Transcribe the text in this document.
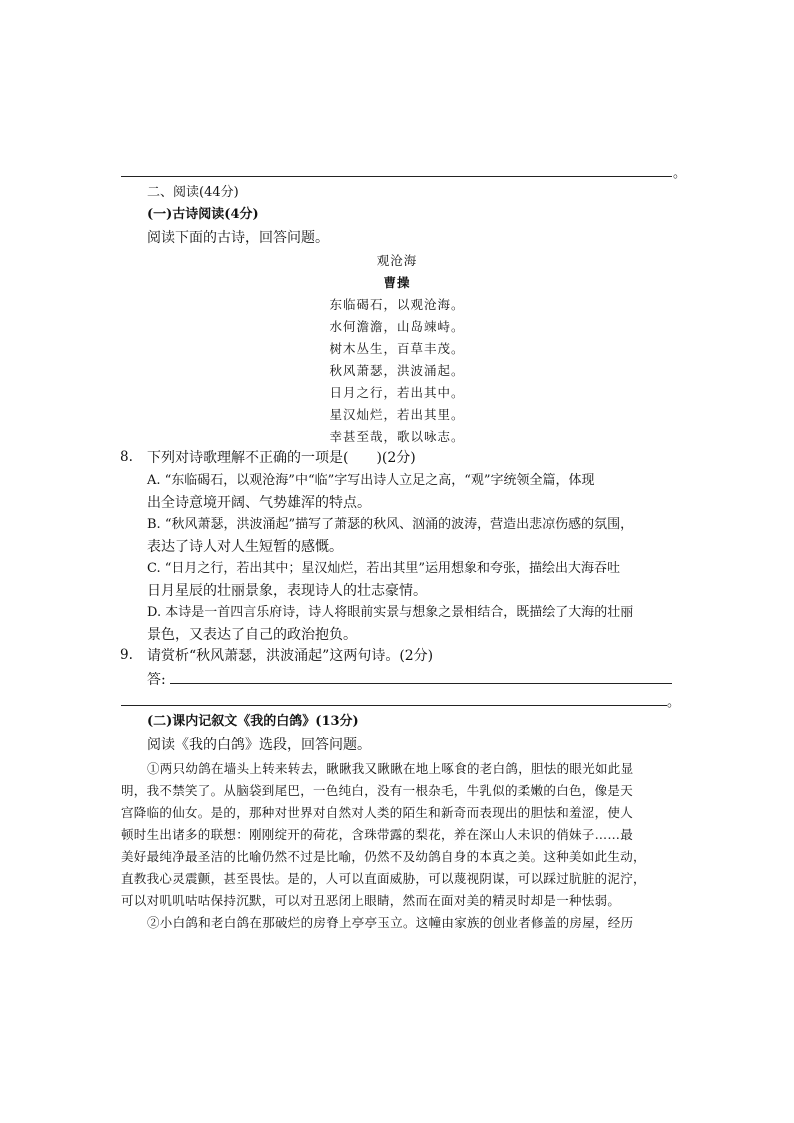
。
二、阅读(44分)
(一)古诗阅读(4分)
阅读下面的古诗，回答问题。
观沧海
曹操
东临碣石，以观沧海。
水何澹澹，山岛竦峙。
树木丛生，百草丰茂。
秋风萧瑟，洪波涌起。
日月之行，若出其中。
星汉灿烂，若出其里。
幸甚至哉，歌以咏志。
8. 下列对诗歌理解不正确的一项是(　　)(2分)
A. “东临碣石，以观沧海”中“临”字写出诗人立足之高，“观”字统领全篇，体现
出全诗意境开阔、气势雄浑的特点。
B. “秋风萧瑟，洪波涌起”描写了萧瑟的秋风、汹涌的波涛，营造出悲凉伤感的氛围，
表达了诗人对人生短暂的感慨。
C. “日月之行，若出其中；星汉灿烂，若出其里”运用想象和夸张，描绘出大海吞吐
日月星辰的壮丽景象，表现诗人的壮志豪情。
D. 本诗是一首四言乐府诗，诗人将眼前实景与想象之景相结合，既描绘了大海的壮丽
景色，又表达了自己的政治抱负。
9. 请赏析“秋风萧瑟，洪波涌起”这两句诗。(2分)
答:
。
(二)课内记叙文《我的白鸽》(13分)
阅读《我的白鸽》选段，回答问题。
①两只幼鸽在墙头上转来转去，瞅瞅我又瞅瞅在地上啄食的老白鸽，胆怯的眼光如此显
明，我不禁笑了。从脑袋到尾巴，一色纯白，没有一根杂毛，牛乳似的柔嫩的白色，像是天
宫降临的仙女。是的，那种对世界对自然对人类的陌生和新奇而表现出的胆怯和羞涩，使人
顿时生出诸多的联想：刚刚绽开的荷花，含珠带露的梨花，养在深山人未识的俏妹子……最
美好最纯净最圣洁的比喻仍然不过是比喻，仍然不及幼鸽自身的本真之美。这种美如此生动，
直教我心灵震颤，甚至畏怯。是的，人可以直面威胁，可以蔑视阴谋，可以踩过肮脏的泥泞，
可以对叽叽咕咕保持沉默，可以对丑恶闭上眼睛，然而在面对美的精灵时却是一种怯弱。
②小白鸽和老白鸽在那破烂的房脊上亭亭玉立。这幢由家族的创业者修盖的房屋，经历
